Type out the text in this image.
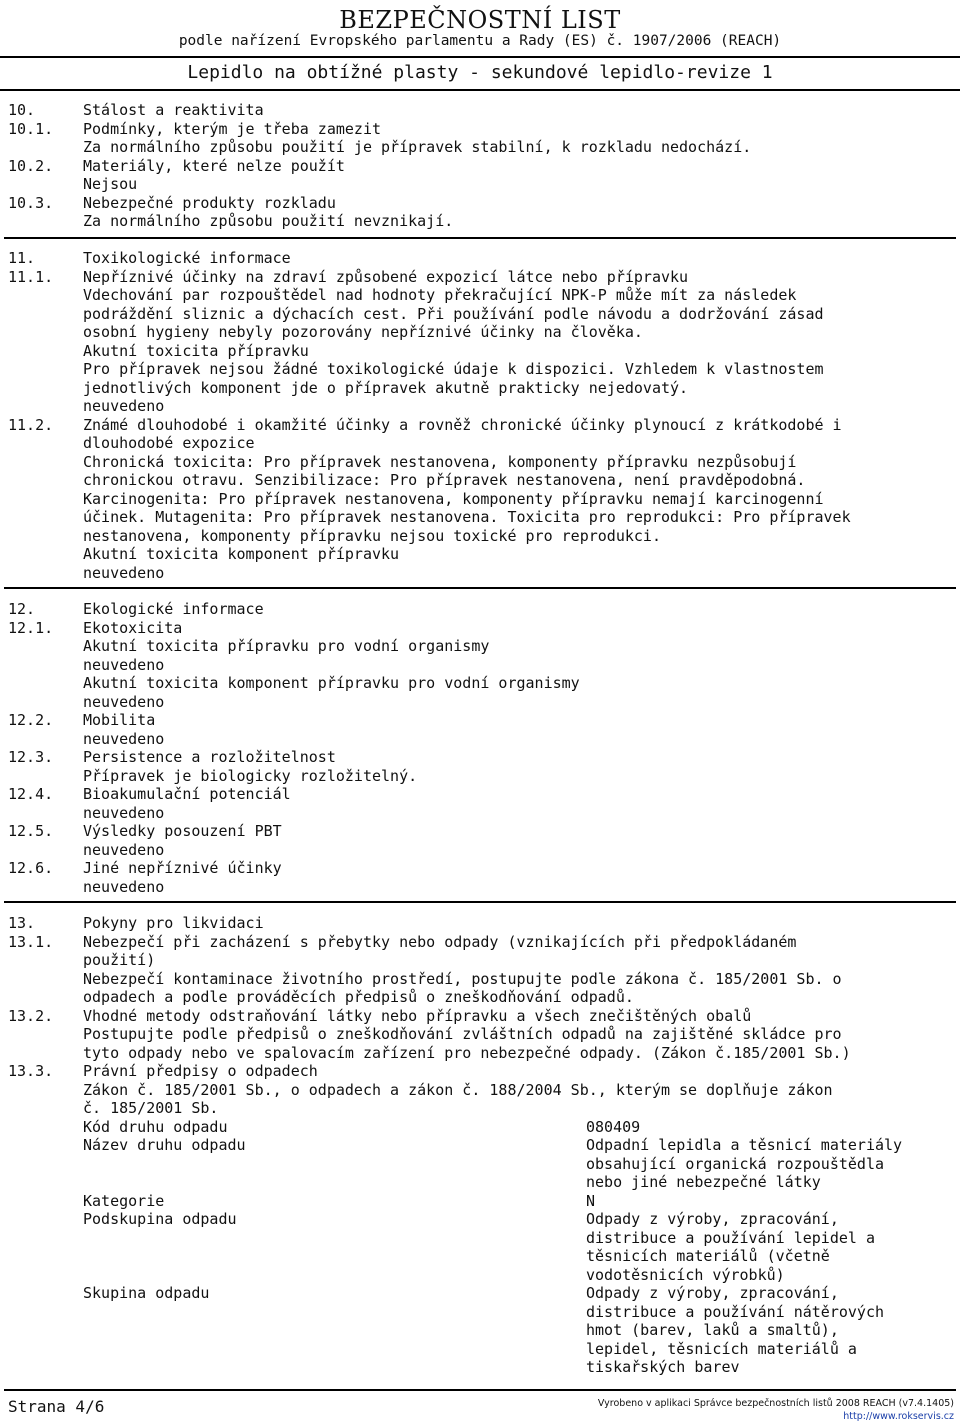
BEZPEČNOSTNÍ LIST
podle nařízení Evropského parlamentu a Rady (ES) č. 1907/2006 (REACH)
Lepidlo na obtížné plasty - sekundové lepidlo-revize 1
10.	Stálost a reaktivita
10.1. Podmínky, kterým je třeba zamezit
Za normálního způsobu použití je přípravek stabilní, k rozkladu nedochází.
10.2. Materiály, které nelze použít
Nejsou
10.3. Nebezpečné produkty rozkladu
Za normálního způsobu použití nevznikají.
11.	Toxikologické informace
11.1. Nepříznivé účinky na zdraví způsobené expozicí látce nebo přípravku
Vdechování par rozpouštědel nad hodnoty překračující NPK-P může mít za následek
podráždění sliznic a dýchacích cest. Při používání podle návodu a dodržování zásad
osobní hygieny nebyly pozorovány nepříznivé účinky na člověka.
Akutní toxicita přípravku
Pro přípravek nejsou žádné toxikologické údaje k dispozici. Vzhledem k vlastnostem
jednotlivých komponent jde o přípravek akutně prakticky nejedovatý.
neuvedeno
11.2. Známé dlouhodobé i okamžité účinky a rovněž chronické účinky plynoucí z krátkodobé i
dlouhodobé expozice
Chronická toxicita: Pro přípravek nestanovena, komponenty přípravku nezpůsobují
chronickou otravu. Senzibilizace: Pro přípravek nestanovena, není pravděpodobná.
Karcinogenita: Pro přípravek nestanovena, komponenty přípravku nemají karcinogenní
účinek. Mutagenita: Pro přípravek nestanovena. Toxicita pro reprodukci: Pro přípravek
nestanovena, komponenty přípravku nejsou toxické pro reprodukci.
Akutní toxicita komponent přípravku
neuvedeno
12.	Ekologické informace
12.1. Ekotoxicita
Akutní toxicita přípravku pro vodní organismy
neuvedeno
Akutní toxicita komponent přípravku pro vodní organismy
neuvedeno
12.2. Mobilita
neuvedeno
12.3. Persistence a rozložitelnost
Přípravek je biologicky rozložitelný.
12.4. Bioakumulační potenciál
neuvedeno
12.5. Výsledky posouzení PBT
neuvedeno
12.6. Jiné nepříznivé účinky
neuvedeno
13.	Pokyny pro likvidaci
13.1. Nebezpečí při zacházení s přebytky nebo odpady (vznikajících při předpokládaném
použití)
Nebezpečí kontaminace životního prostředí, postupujte podle zákona č. 185/2001 Sb. o
odpadech a podle prováděcích předpisů o zneškodňování odpadů.
13.2. Vhodné metody odstraňování látky nebo přípravku a všech znečištěných obalů
Postupujte podle předpisů o zneškodňování zvláštních odpadů na zajištěné skládce pro
tyto odpady nebo ve spalovacím zařízení pro nebezpečné odpady. (Zákon č.185/2001 Sb.)
13.3. Právní předpisy o odpadech
Zákon č. 185/2001 Sb., o odpadech a zákon č. 188/2004 Sb., kterým se doplňuje zákon
č. 185/2001 Sb.
Kód druhu odpadu	080409
Název druhu odpadu	Odpadní lepidla a těsnicí materiály
obsahující organická rozpouštědla
nebo jiné nebezpečné látky
Kategorie	N
Podskupina odpadu	Odpady z výroby, zpracování,
distribuce a používání lepidel a
těsnicích materiálů (včetně
vodotěsnicích výrobků)
Skupina odpadu	Odpady z výroby, zpracování,
distribuce a používání nátěrových
hmot (barev, laků a smaltů),
lepidel, těsnicích materiálů a
tiskařských barev
Strana 4/6	Vyrobeno v aplikaci Správce bezpečnostních listů 2008 REACH (v7.4.1405)
http://www.rokservis.cz
